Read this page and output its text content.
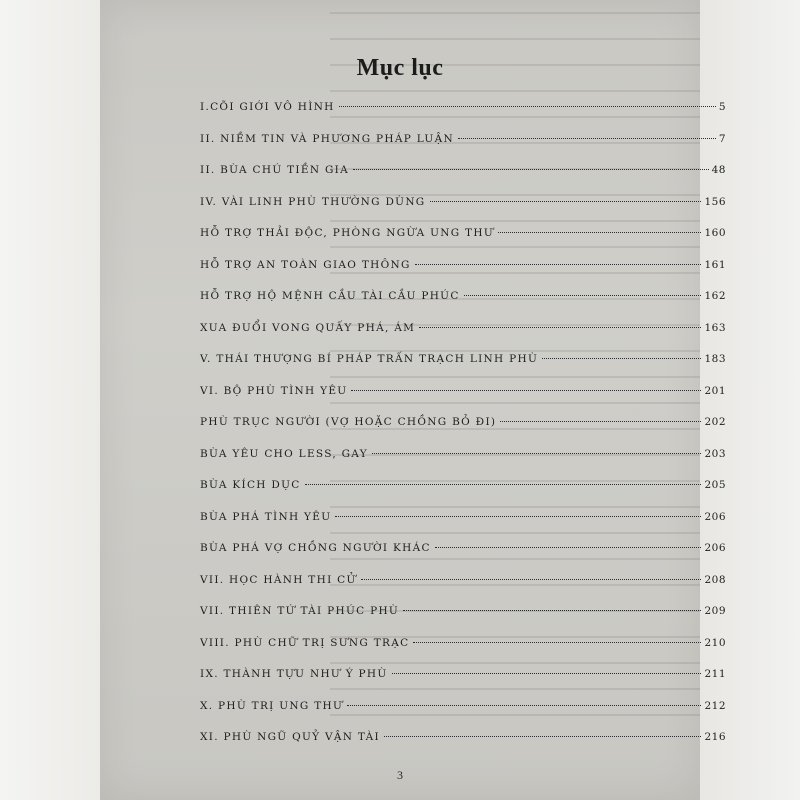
Mục lục
I.CÕI GIỚI VÔ HÌNH	5
II. NIỀM TIN VÀ PHƯƠNG PHÁP LUẬN	7
II. BÙA CHÚ TIỀN GIA	48
IV. VÀI LINH PHÙ THƯỜNG DÙNG	156
HỖ TRỢ THẢI ĐỘC, PHÒNG NGỪA UNG THƯ	160
HỖ TRỢ AN TOÀN GIAO THÔNG	161
HỖ TRỢ HỘ MỆNH CẦU TÀI CẦU PHÚC	162
XUA ĐUỔI VONG QUẤY PHÁ, ÁM	163
V. THÁI THƯỢNG BÍ PHÁP TRẤN TRẠCH LINH PHÙ	183
VI. BỘ PHÙ TÌNH YÊU	201
PHÙ TRỤC NGƯỜI (VỢ HOẶC CHỒNG BỎ ĐI)	202
BÙA YÊU CHO LESS, GAY	203
BÙA KÍCH DỤC	205
BÙA PHÁ TÌNH YÊU	206
BÙA PHÁ VỢ CHỒNG NGƯỜI KHÁC	206
VII. HỌC HÀNH THI CỬ	208
VII. THIÊN TỨ TÀI PHÚC PHÙ	209
VIII. PHÙ CHỮ TRỊ SƯNG TRẠC	210
IX. THÀNH TỰU NHƯ Ý PHÙ	211
X. PHÙ TRỊ UNG THƯ	212
XI. PHÙ NGŨ QUỶ VẬN TÀI	216
3
